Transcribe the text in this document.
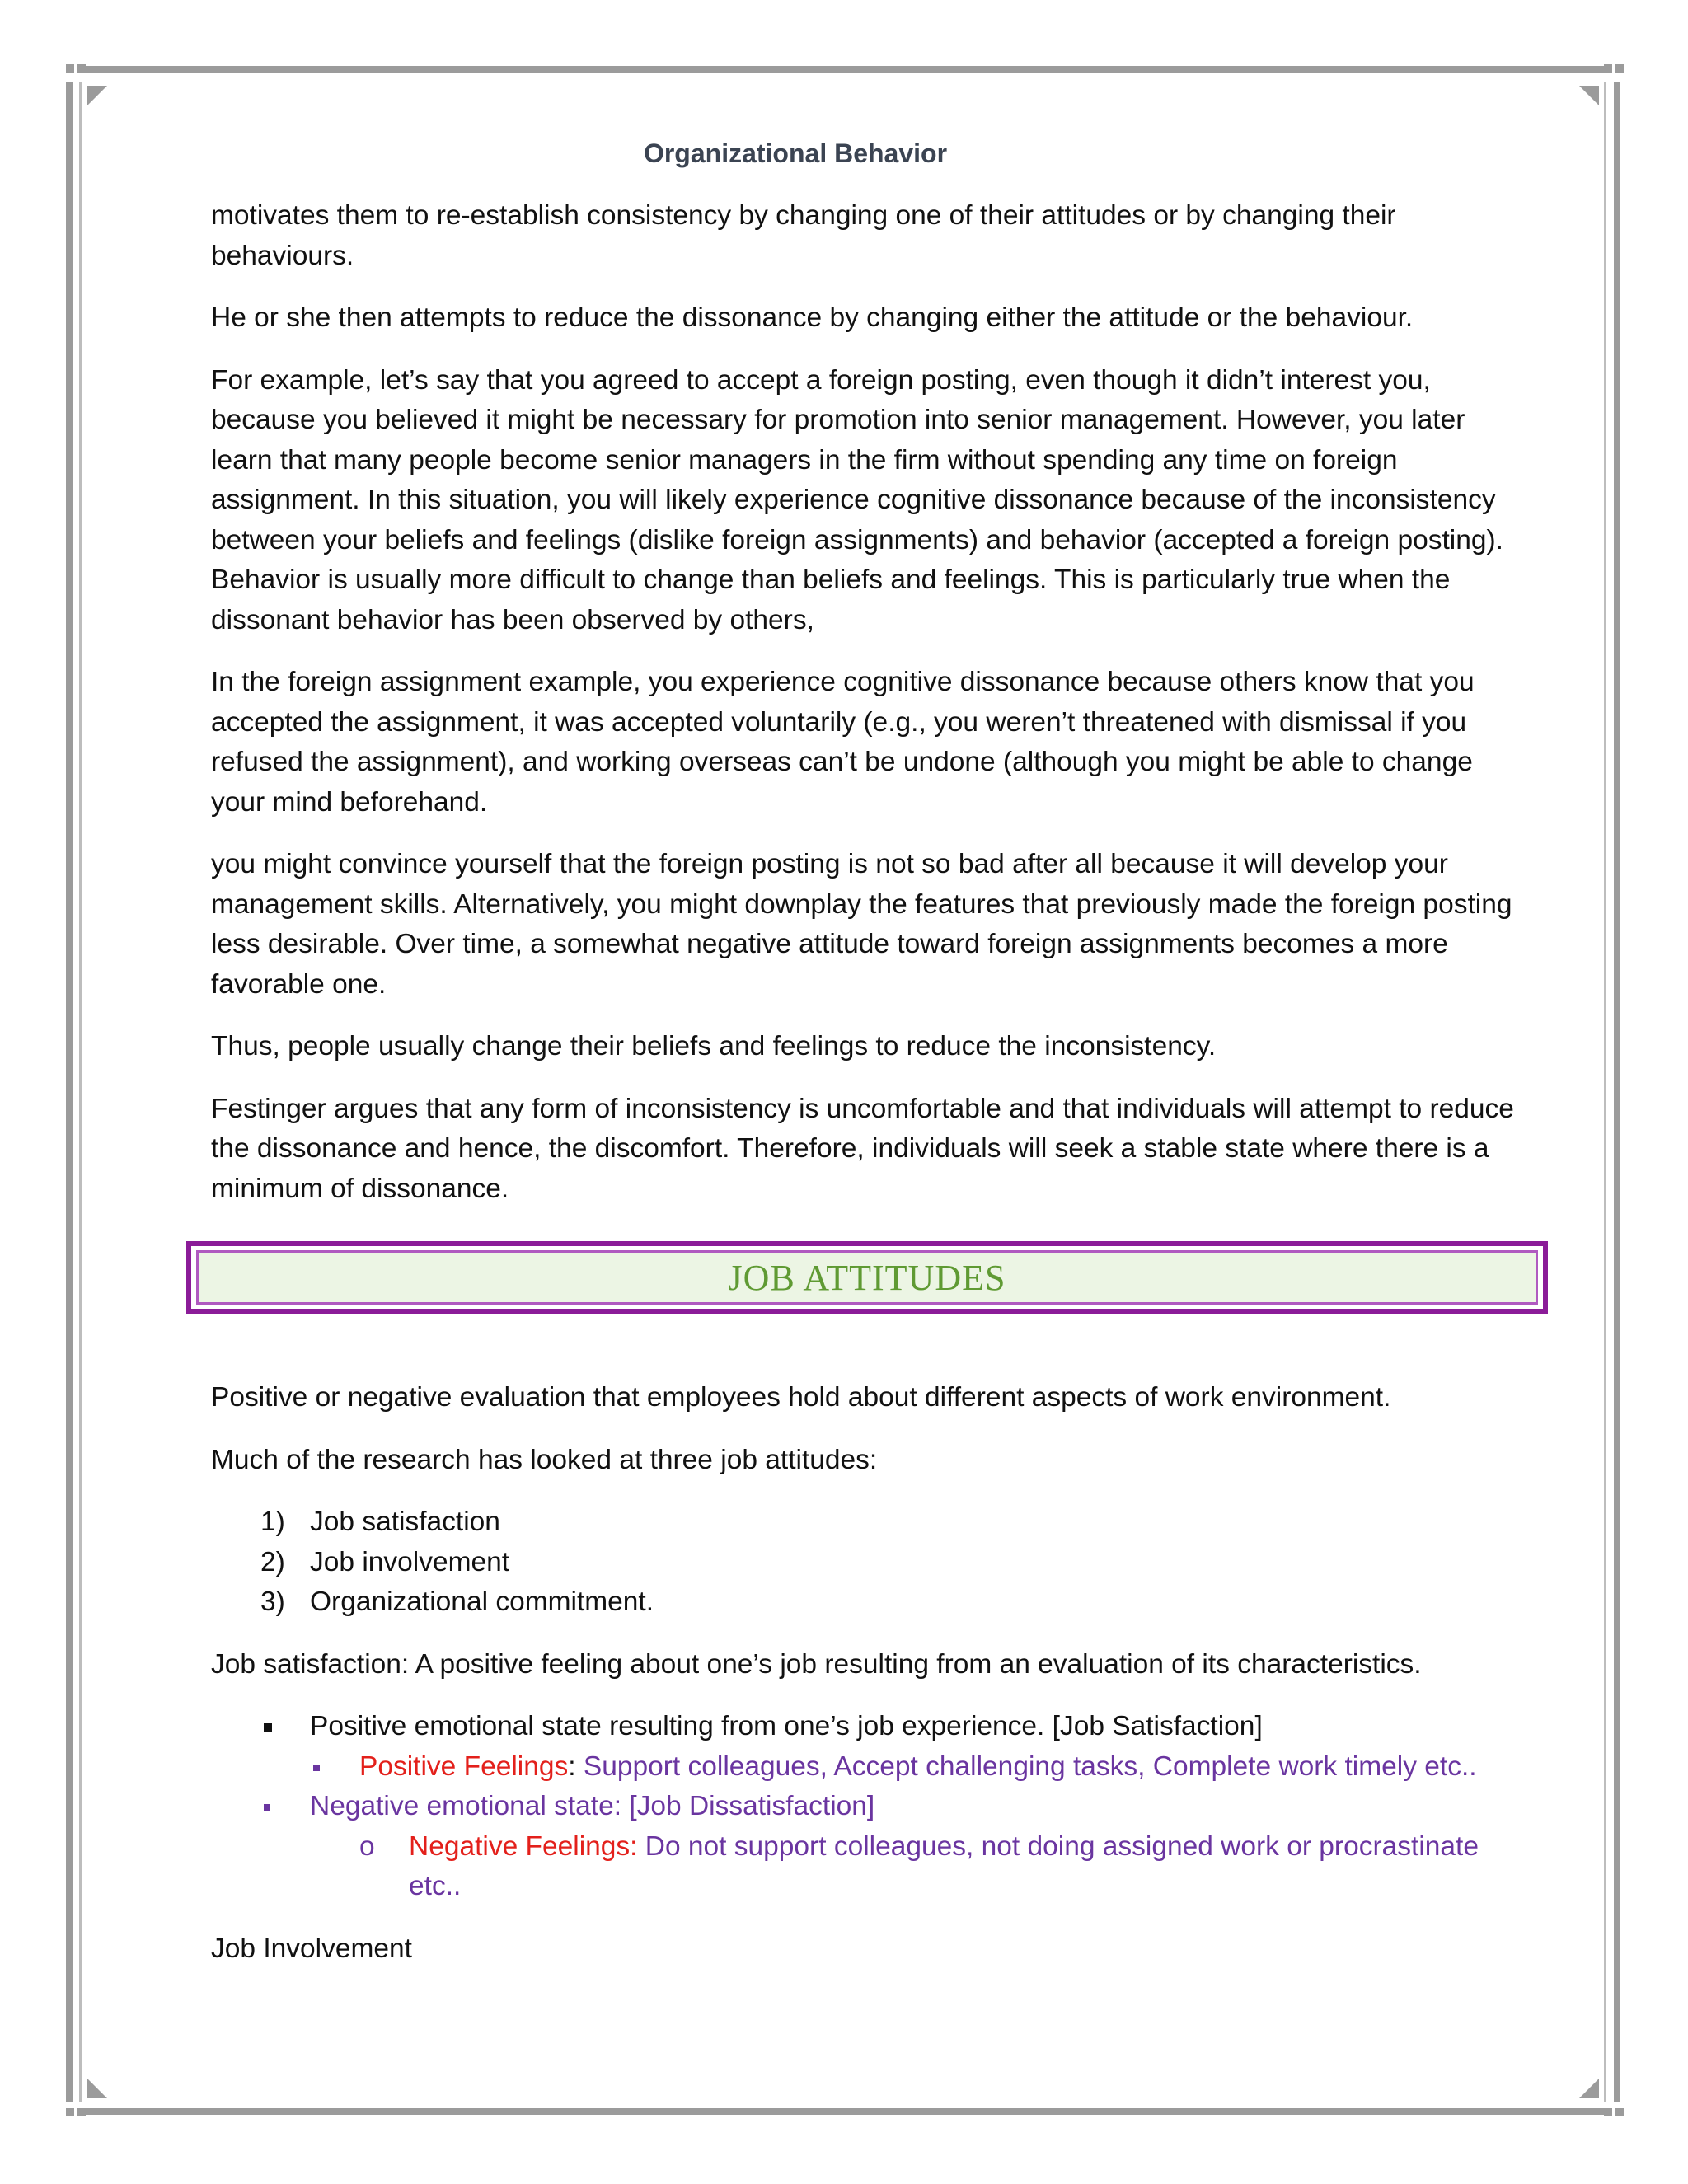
Organizational Behavior

motivates them to re-establish consistency by changing one of their attitudes or by changing their behaviours.

He or she then attempts to reduce the dissonance by changing either the attitude or the behaviour.

For example, let’s say that you agreed to accept a foreign posting, even though it didn’t interest you, because you believed it might be necessary for promotion into senior management. However, you later learn that many people become senior managers in the firm without spending any time on foreign assignment. In this situation, you will likely experience cognitive dissonance because of the inconsistency between your beliefs and feelings (dislike foreign assignments) and behavior (accepted a foreign posting). Behavior is usually more difficult to change than beliefs and feelings. This is particularly true when the dissonant behavior has been observed by others,

In the foreign assignment example, you experience cognitive dissonance because others know that you accepted the assignment, it was accepted voluntarily (e.g., you weren’t threatened with dismissal if you refused the assignment), and working overseas can’t be undone (although you might be able to change your mind beforehand.

you might convince yourself that the foreign posting is not so bad after all because it will develop your management skills. Alternatively, you might downplay the features that previously made the foreign posting less desirable. Over time, a somewhat negative attitude toward foreign assignments becomes a more favorable one.

Thus, people usually change their beliefs and feelings to reduce the inconsistency.

Festinger argues that any form of inconsistency is uncomfortable and that individuals will attempt to reduce the dissonance and hence, the discomfort. Therefore, individuals will seek a stable state where there is a minimum of dissonance.

JOB ATTITUDES

Positive or negative evaluation that employees hold about different aspects of work environment.

Much of the research has looked at three job attitudes:

1) Job satisfaction
2) Job involvement
3) Organizational commitment.

Job satisfaction: A positive feeling about one’s job resulting from an evaluation of its characteristics.

Positive emotional state resulting from one’s job experience. [Job Satisfaction]
Positive Feelings: Support colleagues, Accept challenging tasks, Complete work timely etc..
Negative emotional state: [Job Dissatisfaction]
o Negative Feelings: Do not support colleagues, not doing assigned work or procrastinate etc..

Job Involvement
